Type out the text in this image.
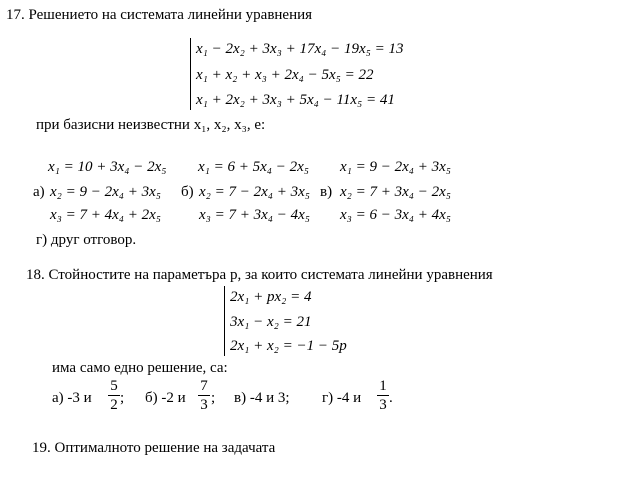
17. Решението на системата линейни уравнения
x₁ − 2x₂ + 3x₃ + 17x₄ − 19x₅ = 13
x₁ + x₂ + x₃ + 2x₄ − 5x₅ = 22
x₁ + 2x₂ + 3x₃ + 5x₄ − 11x₅ = 41
при базисни неизвестни x₁, x₂, x₃, е:
а)
x₁ = 10 + 3x₄ − 2x₅
x₂ = 9 − 2x₄ + 3x₅
x₃ = 7 + 4x₄ + 2x₅
б)
x₁ = 6 + 5x₄ − 2x₅
x₂ = 7 − 2x₄ + 3x₅
x₃ = 7 + 3x₄ − 4x₅
в)
x₁ = 9 − 2x₄ + 3x₅
x₂ = 7 + 3x₄ − 2x₅
x₃ = 6 − 3x₄ + 4x₅
г) друг отговор.
18. Стойностите на параметъра p, за които системата линейни уравнения
2x₁ + px₂ = 4
3x₁ − x₂ = 21
2x₁ + x₂ = −1 − 5p
има само едно решение, са:
а) -3 и
5
2 ; б) -2 и
7
3 ; в) -4 и 3; г) -4 и
1
3 .
19. Оптималното решение на задачата
